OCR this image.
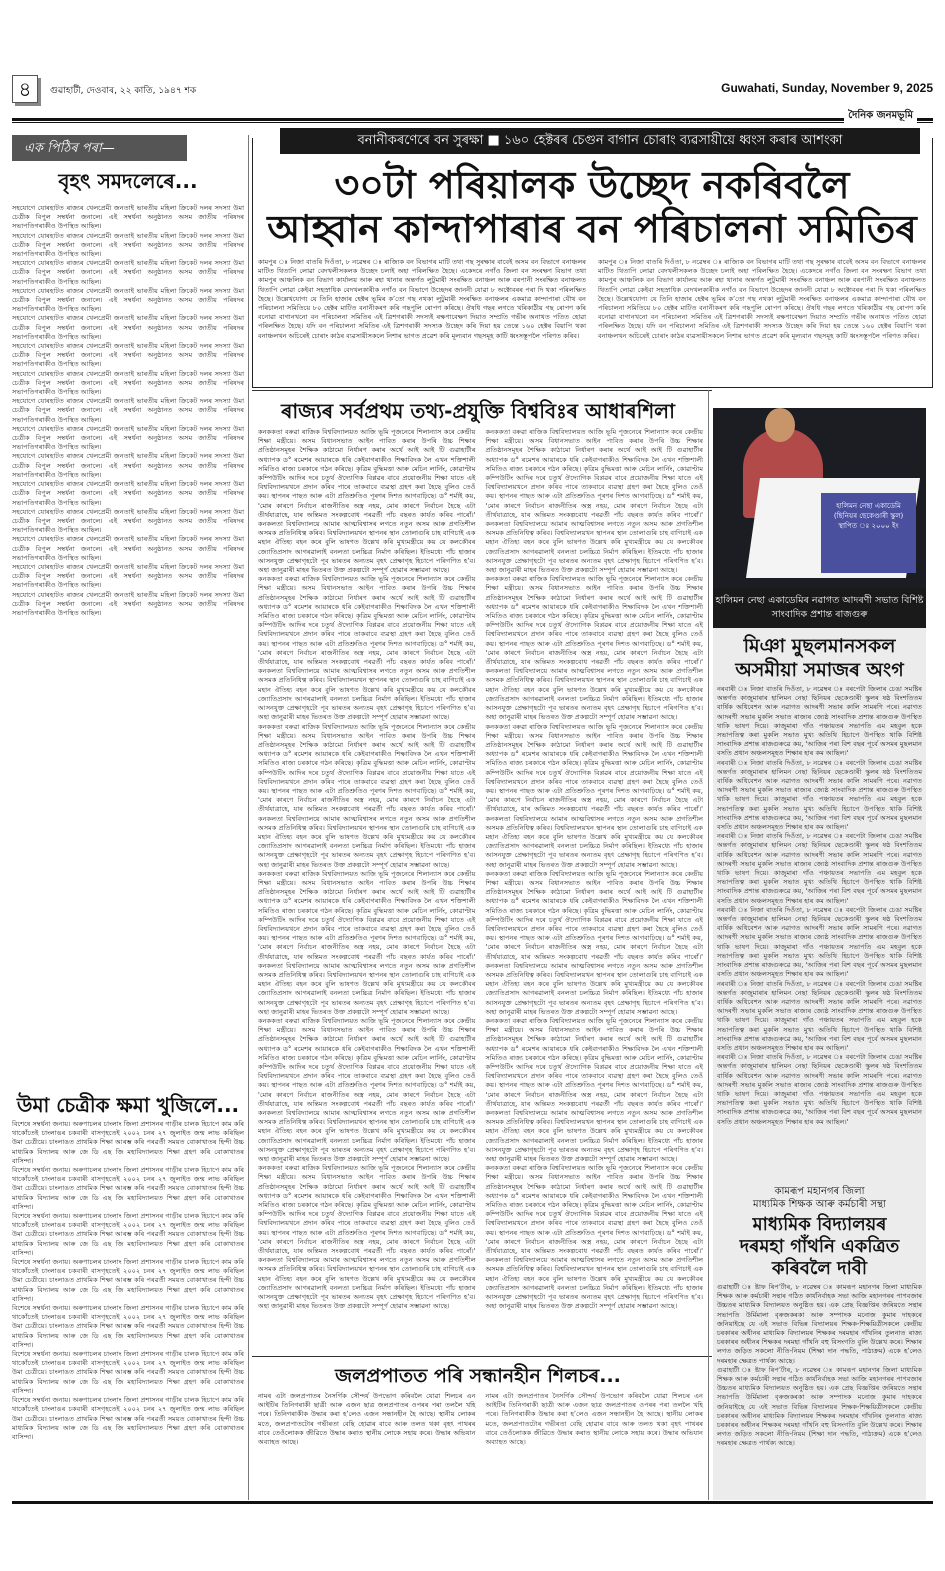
৪	গুৱাহাটী, দেওবাৰ, ২২ কাতি, ১৯৪৭ শক	Guwahati, Sunday, November 9, 2025
দৈনিক জনমভূমি
এক পিঠিৰ পৰা—
বৃহৎ সমদলেৰে...

সহযোগে যোৰহাটত ৰাজ্যৰ খেলপ্ৰেমী জনতাই ভাৰতীয় মহিলা ক্ৰিকেট দলৰ সদস্যা উমা চেত্ৰীক বিপুল সম্বৰ্ধনা জনালে। এই সম্বৰ্ধনা অনুষ্ঠানত অসম জাতীয় পৰিষদৰ সভাপতিগৰাকীও উপস্থিত আছিল।

সহযোগে যোৰহাটত ৰাজ্যৰ খেলপ্ৰেমী জনতাই ভাৰতীয় মহিলা ক্ৰিকেট দলৰ সদস্যা উমা চেত্ৰীক বিপুল সম্বৰ্ধনা জনালে। এই সম্বৰ্ধনা অনুষ্ঠানত অসম জাতীয় পৰিষদৰ সভাপতিগৰাকীও উপস্থিত আছিল।

সহযোগে যোৰহাটত ৰাজ্যৰ খেলপ্ৰেমী জনতাই ভাৰতীয় মহিলা ক্ৰিকেট দলৰ সদস্যা উমা চেত্ৰীক বিপুল সম্বৰ্ধনা জনালে। এই সম্বৰ্ধনা অনুষ্ঠানত অসম জাতীয় পৰিষদৰ সভাপতিগৰাকীও উপস্থিত আছিল।

সহযোগে যোৰহাটত ৰাজ্যৰ খেলপ্ৰেমী জনতাই ভাৰতীয় মহিলা ক্ৰিকেট দলৰ সদস্যা উমা চেত্ৰীক বিপুল সম্বৰ্ধনা জনালে। এই সম্বৰ্ধনা অনুষ্ঠানত অসম জাতীয় পৰিষদৰ সভাপতিগৰাকীও উপস্থিত আছিল।

সহযোগে যোৰহাটত ৰাজ্যৰ খেলপ্ৰেমী জনতাই ভাৰতীয় মহিলা ক্ৰিকেট দলৰ সদস্যা উমা চেত্ৰীক বিপুল সম্বৰ্ধনা জনালে। এই সম্বৰ্ধনা অনুষ্ঠানত অসম জাতীয় পৰিষদৰ সভাপতিগৰাকীও উপস্থিত আছিল।

সহযোগে যোৰহাটত ৰাজ্যৰ খেলপ্ৰেমী জনতাই ভাৰতীয় মহিলা ক্ৰিকেট দলৰ সদস্যা উমা চেত্ৰীক বিপুল সম্বৰ্ধনা জনালে। এই সম্বৰ্ধনা অনুষ্ঠানত অসম জাতীয় পৰিষদৰ সভাপতিগৰাকীও উপস্থিত আছিল।

সহযোগে যোৰহাটত ৰাজ্যৰ খেলপ্ৰেমী জনতাই ভাৰতীয় মহিলা ক্ৰিকেট দলৰ সদস্যা উমা চেত্ৰীক বিপুল সম্বৰ্ধনা জনালে। এই সম্বৰ্ধনা অনুষ্ঠানত অসম জাতীয় পৰিষদৰ সভাপতিগৰাকীও উপস্থিত আছিল।

সহযোগে যোৰহাটত ৰাজ্যৰ খেলপ্ৰেমী জনতাই ভাৰতীয় মহিলা ক্ৰিকেট দলৰ সদস্যা উমা চেত্ৰীক বিপুল সম্বৰ্ধনা জনালে। এই সম্বৰ্ধনা অনুষ্ঠানত অসম জাতীয় পৰিষদৰ সভাপতিগৰাকীও উপস্থিত আছিল।

সহযোগে যোৰহাটত ৰাজ্যৰ খেলপ্ৰেমী জনতাই ভাৰতীয় মহিলা ক্ৰিকেট দলৰ সদস্যা উমা চেত্ৰীক বিপুল সম্বৰ্ধনা জনালে। এই সম্বৰ্ধনা অনুষ্ঠানত অসম জাতীয় পৰিষদৰ সভাপতিগৰাকীও উপস্থিত আছিল।

সহযোগে যোৰহাটত ৰাজ্যৰ খেলপ্ৰেমী জনতাই ভাৰতীয় মহিলা ক্ৰিকেট দলৰ সদস্যা উমা চেত্ৰীক বিপুল সম্বৰ্ধনা জনালে। এই সম্বৰ্ধনা অনুষ্ঠানত অসম জাতীয় পৰিষদৰ সভাপতিগৰাকীও উপস্থিত আছিল।

সহযোগে যোৰহাটত ৰাজ্যৰ খেলপ্ৰেমী জনতাই ভাৰতীয় মহিলা ক্ৰিকেট দলৰ সদস্যা উমা চেত্ৰীক বিপুল সম্বৰ্ধনা জনালে। এই সম্বৰ্ধনা অনুষ্ঠানত অসম জাতীয় পৰিষদৰ সভাপতিগৰাকীও উপস্থিত আছিল।

সহযোগে যোৰহাটত ৰাজ্যৰ খেলপ্ৰেমী জনতাই ভাৰতীয় মহিলা ক্ৰিকেট দলৰ সদস্যা উমা চেত্ৰীক বিপুল সম্বৰ্ধনা জনালে। এই সম্বৰ্ধনা অনুষ্ঠানত অসম জাতীয় পৰিষদৰ সভাপতিগৰাকীও উপস্থিত আছিল।

সহযোগে যোৰহাটত ৰাজ্যৰ খেলপ্ৰেমী জনতাই ভাৰতীয় মহিলা ক্ৰিকেট দলৰ সদস্যা উমা চেত্ৰীক বিপুল সম্বৰ্ধনা জনালে। এই সম্বৰ্ধনা অনুষ্ঠানত অসম জাতীয় পৰিষদৰ সভাপতিগৰাকীও উপস্থিত আছিল।

সহযোগে যোৰহাটত ৰাজ্যৰ খেলপ্ৰেমী জনতাই ভাৰতীয় মহিলা ক্ৰিকেট দলৰ সদস্যা উমা চেত্ৰীক বিপুল সম্বৰ্ধনা জনালে। এই সম্বৰ্ধনা অনুষ্ঠানত অসম জাতীয় পৰিষদৰ সভাপতিগৰাকীও উপস্থিত আছিল।

সহযোগে যোৰহাটত ৰাজ্যৰ খেলপ্ৰেমী জনতাই ভাৰতীয় মহিলা ক্ৰিকেট দলৰ সদস্যা উমা চেত্ৰীক বিপুল সম্বৰ্ধনা জনালে। এই সম্বৰ্ধনা অনুষ্ঠানত অসম জাতীয় পৰিষদৰ সভাপতিগৰাকীও উপস্থিত আছিল।

উমা চেত্ৰীক ক্ষমা খুজিলে...

বিশেষে সম্বৰ্ধনা জনায়। অৰুণাচলৰ চাংলাং জিলা প্ৰশাসনৰ গাড়ীৰ চালক হিচাপে কাম কৰি থাকোঁতেই চাংলাঙৰ চকবাৰী বাসগৃহতেই ২০০২ চনৰ ২৭ জুলাইত জন্ম লাভ কৰিছিল উমা চেত্ৰীয়ে। চাংলাঙত প্ৰাথমিক শিক্ষা আৰম্ভ কৰি পৰৱৰ্তী সময়ত বোকাখাতৰ হিন্দী উচ্চ মাধ্যমিক বিদ্যালয় আৰু জে ডি এছ জি মহাবিদ্যালয়ত শিক্ষা গ্ৰহণ কৰি বোকাখাতৰ বাসিন্দা।

বিশেষে সম্বৰ্ধনা জনায়। অৰুণাচলৰ চাংলাং জিলা প্ৰশাসনৰ গাড়ীৰ চালক হিচাপে কাম কৰি থাকোঁতেই চাংলাঙৰ চকবাৰী বাসগৃহতেই ২০০২ চনৰ ২৭ জুলাইত জন্ম লাভ কৰিছিল উমা চেত্ৰীয়ে। চাংলাঙত প্ৰাথমিক শিক্ষা আৰম্ভ কৰি পৰৱৰ্তী সময়ত বোকাখাতৰ হিন্দী উচ্চ মাধ্যমিক বিদ্যালয় আৰু জে ডি এছ জি মহাবিদ্যালয়ত শিক্ষা গ্ৰহণ কৰি বোকাখাতৰ বাসিন্দা।

বিশেষে সম্বৰ্ধনা জনায়। অৰুণাচলৰ চাংলাং জিলা প্ৰশাসনৰ গাড়ীৰ চালক হিচাপে কাম কৰি থাকোঁতেই চাংলাঙৰ চকবাৰী বাসগৃহতেই ২০০২ চনৰ ২৭ জুলাইত জন্ম লাভ কৰিছিল উমা চেত্ৰীয়ে। চাংলাঙত প্ৰাথমিক শিক্ষা আৰম্ভ কৰি পৰৱৰ্তী সময়ত বোকাখাতৰ হিন্দী উচ্চ মাধ্যমিক বিদ্যালয় আৰু জে ডি এছ জি মহাবিদ্যালয়ত শিক্ষা গ্ৰহণ কৰি বোকাখাতৰ বাসিন্দা।

বিশেষে সম্বৰ্ধনা জনায়। অৰুণাচলৰ চাংলাং জিলা প্ৰশাসনৰ গাড়ীৰ চালক হিচাপে কাম কৰি থাকোঁতেই চাংলাঙৰ চকবাৰী বাসগৃহতেই ২০০২ চনৰ ২৭ জুলাইত জন্ম লাভ কৰিছিল উমা চেত্ৰীয়ে। চাংলাঙত প্ৰাথমিক শিক্ষা আৰম্ভ কৰি পৰৱৰ্তী সময়ত বোকাখাতৰ হিন্দী উচ্চ মাধ্যমিক বিদ্যালয় আৰু জে ডি এছ জি মহাবিদ্যালয়ত শিক্ষা গ্ৰহণ কৰি বোকাখাতৰ বাসিন্দা।

বিশেষে সম্বৰ্ধনা জনায়। অৰুণাচলৰ চাংলাং জিলা প্ৰশাসনৰ গাড়ীৰ চালক হিচাপে কাম কৰি থাকোঁতেই চাংলাঙৰ চকবাৰী বাসগৃহতেই ২০০২ চনৰ ২৭ জুলাইত জন্ম লাভ কৰিছিল উমা চেত্ৰীয়ে। চাংলাঙত প্ৰাথমিক শিক্ষা আৰম্ভ কৰি পৰৱৰ্তী সময়ত বোকাখাতৰ হিন্দী উচ্চ মাধ্যমিক বিদ্যালয় আৰু জে ডি এছ জি মহাবিদ্যালয়ত শিক্ষা গ্ৰহণ কৰি বোকাখাতৰ বাসিন্দা।

বিশেষে সম্বৰ্ধনা জনায়। অৰুণাচলৰ চাংলাং জিলা প্ৰশাসনৰ গাড়ীৰ চালক হিচাপে কাম কৰি থাকোঁতেই চাংলাঙৰ চকবাৰী বাসগৃহতেই ২০০২ চনৰ ২৭ জুলাইত জন্ম লাভ কৰিছিল উমা চেত্ৰীয়ে। চাংলাঙত প্ৰাথমিক শিক্ষা আৰম্ভ কৰি পৰৱৰ্তী সময়ত বোকাখাতৰ হিন্দী উচ্চ মাধ্যমিক বিদ্যালয় আৰু জে ডি এছ জি মহাবিদ্যালয়ত শিক্ষা গ্ৰহণ কৰি বোকাখাতৰ বাসিন্দা।

বিশেষে সম্বৰ্ধনা জনায়। অৰুণাচলৰ চাংলাং জিলা প্ৰশাসনৰ গাড়ীৰ চালক হিচাপে কাম কৰি থাকোঁতেই চাংলাঙৰ চকবাৰী বাসগৃহতেই ২০০২ চনৰ ২৭ জুলাইত জন্ম লাভ কৰিছিল উমা চেত্ৰীয়ে। চাংলাঙত প্ৰাথমিক শিক্ষা আৰম্ভ কৰি পৰৱৰ্তী সময়ত বোকাখাতৰ হিন্দী উচ্চ মাধ্যমিক বিদ্যালয় আৰু জে ডি এছ জি মহাবিদ্যালয়ত শিক্ষা গ্ৰহণ কৰি বোকাখাতৰ বাসিন্দা।

বনানীকৰণেৰে বন সুৰক্ষা ■ ১৬০ হেক্টৰৰ চেগুন বাগান চোৰাং ব্যৱসায়ীয়ে ধ্বংস কৰাৰ আশংকা
৩০টা পৰিয়ালক উচ্ছেদ নকৰিবলৈ
আহ্বান কান্দাপাৰাৰ বন পৰিচালনা সমিতিৰ

কামপুৰ ঃ নিজা বাতৰি দিওঁতা, ৮ নৱেম্বৰ ঃ ৰাজ্যিক বন বিভাগৰ মাটি তথা গছ সুৰক্ষাৰ বাবেই অসম বন বিভাগে বনাঞ্চলৰ মাটিত থিতাপি লোৱা বেদখলীসকলক উচ্ছেদ চলাই অহা পৰিলক্ষিত হৈছে। একেদৰে নগাঁও জিলা বন সংৰক্ষণ বিভাগ তথা কামপুৰ আঞ্চলিক বন বিভাগ কাৰ্যালয় আৰু ৰহা থানাৰ অন্তৰ্গত লুটুমাৰী সংৰক্ষিত বনাঞ্চল আৰু বৰপানী সংৰক্ষিত বনাঞ্চলত থিতাপি লোৱা কেইবা সহস্ৰাধিক বেদখলকাৰীক নগাঁও বন বিভাগে উচ্ছেদৰ জাননী যোৱা ৮ অক্টোবৰৰ পৰা দি থকা পৰিলক্ষিত হৈছে। উল্লেখযোগ্য যে তিনি হাজাৰ হেক্টৰ ভূমিৰ কʼতো গছ নথকা লুটুমাৰী সংৰক্ষিত বনাঞ্চলৰ একমাত্ৰ কান্দাপাৰা যৌথ বন পৰিচালনা সমিতিয়ে ৮০ হেক্টৰ মাটিত বনানীকৰণ কৰি গছপুলি ৰোপণ কৰিছে। ঔষধি গছৰ লগতে খৰিকাঠীয় গছ ৰোপণ কৰি বনোৱা বাগানখনো বন পৰিচালনা সমিতিৰ এই ত্ৰিশগৰাকী সদস্যই ৰক্ষণাবেক্ষণ দিয়াত সম্প্ৰতি গভীৰ অনাথত পতিত হোৱা পৰিলক্ষিত হৈছে। যদি বন পৰিচালনা সমিতিৰ এই ত্ৰিশগৰাকী সদস্যক উচ্ছেদ কৰি দিয়া হয় তেন্তে ১৬০ হেক্টৰ বিয়াপি থকা বনাঞ্চলখন অচিৰেই চোৰাং কাঠৰ ব্যৱসায়ীসকলে নিশাৰ ভাগত প্ৰৱেশ কৰি মূল্যবান গছসমূহ কাটি ধ্বংসস্তূপলৈ পৰিণত কৰিব।

কামপুৰ ঃ নিজা বাতৰি দিওঁতা, ৮ নৱেম্বৰ ঃ ৰাজ্যিক বন বিভাগৰ মাটি তথা গছ সুৰক্ষাৰ বাবেই অসম বন বিভাগে বনাঞ্চলৰ মাটিত থিতাপি লোৱা বেদখলীসকলক উচ্ছেদ চলাই অহা পৰিলক্ষিত হৈছে। একেদৰে নগাঁও জিলা বন সংৰক্ষণ বিভাগ তথা কামপুৰ আঞ্চলিক বন বিভাগ কাৰ্যালয় আৰু ৰহা থানাৰ অন্তৰ্গত লুটুমাৰী সংৰক্ষিত বনাঞ্চল আৰু বৰপানী সংৰক্ষিত বনাঞ্চলত থিতাপি লোৱা কেইবা সহস্ৰাধিক বেদখলকাৰীক নগাঁও বন বিভাগে উচ্ছেদৰ জাননী যোৱা ৮ অক্টোবৰৰ পৰা দি থকা পৰিলক্ষিত হৈছে। উল্লেখযোগ্য যে তিনি হাজাৰ হেক্টৰ ভূমিৰ কʼতো গছ নথকা লুটুমাৰী সংৰক্ষিত বনাঞ্চলৰ একমাত্ৰ কান্দাপাৰা যৌথ বন পৰিচালনা সমিতিয়ে ৮০ হেক্টৰ মাটিত বনানীকৰণ কৰি গছপুলি ৰোপণ কৰিছে। ঔষধি গছৰ লগতে খৰিকাঠীয় গছ ৰোপণ কৰি বনোৱা বাগানখনো বন পৰিচালনা সমিতিৰ এই ত্ৰিশগৰাকী সদস্যই ৰক্ষণাবেক্ষণ দিয়াত সম্প্ৰতি গভীৰ অনাথত পতিত হোৱা পৰিলক্ষিত হৈছে। যদি বন পৰিচালনা সমিতিৰ এই ত্ৰিশগৰাকী সদস্যক উচ্ছেদ কৰি দিয়া হয় তেন্তে ১৬০ হেক্টৰ বিয়াপি থকা বনাঞ্চলখন অচিৰেই চোৰাং কাঠৰ ব্যৱসায়ীসকলে নিশাৰ ভাগত প্ৰৱেশ কৰি মূল্যবান গছসমূহ কাটি ধ্বংসস্তূপলৈ পৰিণত কৰিব।

ৰাজ্যৰ সৰ্বপ্ৰথম তথ্য-প্ৰযুক্তি বিশ্ববিঃৰ আধাৰশিলা

কনককতা বৰুৱা ৰাজিক বিশ্ববিদ্যালয়ত আজি ভূমি পূজনেৰে শিলান্যাস কৰে কেন্দ্ৰীয় শিক্ষা মন্ত্ৰীয়ে। অসম বিধানসভাত আইন পাবিত কৰাৰ উপৰি উচ্চ শিক্ষাৰ প্ৰতিষ্ঠানসমূহৰ শৈক্ষিক কাঠামো নিৰ্ধাৰণ কৰাৰ অৰ্থে আই আই টি গুৱাহাটীৰ অধ্যাপক ড° ৰমেশৰ আয়াৰকে ধৰি কেইবাগৰাকীও শিক্ষাবিদক লৈ এখন শক্তিশালী সমিতিও ৰাজ্য চৰকাৰে গঠন কৰিছে। কৃত্ৰিম বুদ্ধিমত্তা আৰু মেচিন লাৰ্নিং, কোৱাণ্টাম কম্পিউটিং আদিৰ দৰে চতুৰ্থ ঔদ্যোগিক বিপ্লৱৰ বাবে প্ৰয়োজনীয় শিক্ষা যাতে এই বিশ্ববিদ্যালয়খনে প্ৰদান কৰিব পাৰে তাকবাবে ব্যৱস্থা গ্ৰহণ কৰা হৈছে বুলিও তেওঁ কয়। স্থাপনৰ পাছত আৰু এটা প্ৰতিশ্ৰুতিও পূৰণৰ দিশত আগবাঢ়িছে। ড° শৰ্মাই কয়, 'মোৰ কাৰণে নিৰ্বাচন ৰাজনীতিৰ অস্ত্ৰ নহয়, মোৰ কাৰণে নিৰ্বাচন হৈছে এটা তীৰ্থযাত্ৰাহে, যাৰ অন্তিমত সংকল্পবোধ পৰৱৰ্তী পাঁচ বছৰত কাৰ্যত কৰিব পাৰোঁ।' কনকলতা বিশ্ববিদ্যালয়ে আমাৰ আত্মবিশ্বাসৰ লগতে নতুন অসম আৰু প্ৰগতিশীল অসমক প্ৰতিনিধিত্ব কৰিব। বিশ্ববিদ্যালয়খন স্থাপনৰ স্থান তোলাগুৰি চাহ বাগিচাই এক মহান ঐতিহ্য বহন কৰে বুলি ভাষণত উল্লেখ কৰি মুখ্যমন্ত্ৰীয়ে কয় যে কলকৌবৰ জ্যোতিপ্ৰসাদ আগৰৱালাই বনলতা চলচ্চিত্ৰ নিৰ্মাণ কৰিছিল। ইতিমধ্যে পাঁচ হাজাৰ আসনযুক্ত প্ৰেক্ষাগৃহটো পূব ভাৰতৰ অন্যতম বৃহৎ প্ৰেক্ষাগৃহ হিচাপে পৰিগণিত হʼব। অহা জানুৱাৰী মাহৰ ভিতৰত উক্ত প্ৰকল্পটো সম্পূৰ্ণ হোৱাৰ সম্ভাৱনা আছে।

কনককতা বৰুৱা ৰাজিক বিশ্ববিদ্যালয়ত আজি ভূমি পূজনেৰে শিলান্যাস কৰে কেন্দ্ৰীয় শিক্ষা মন্ত্ৰীয়ে। অসম বিধানসভাত আইন পাবিত কৰাৰ উপৰি উচ্চ শিক্ষাৰ প্ৰতিষ্ঠানসমূহৰ শৈক্ষিক কাঠামো নিৰ্ধাৰণ কৰাৰ অৰ্থে আই আই টি গুৱাহাটীৰ অধ্যাপক ড° ৰমেশৰ আয়াৰকে ধৰি কেইবাগৰাকীও শিক্ষাবিদক লৈ এখন শক্তিশালী সমিতিও ৰাজ্য চৰকাৰে গঠন কৰিছে। কৃত্ৰিম বুদ্ধিমত্তা আৰু মেচিন লাৰ্নিং, কোৱাণ্টাম কম্পিউটিং আদিৰ দৰে চতুৰ্থ ঔদ্যোগিক বিপ্লৱৰ বাবে প্ৰয়োজনীয় শিক্ষা যাতে এই বিশ্ববিদ্যালয়খনে প্ৰদান কৰিব পাৰে তাকবাবে ব্যৱস্থা গ্ৰহণ কৰা হৈছে বুলিও তেওঁ কয়। স্থাপনৰ পাছত আৰু এটা প্ৰতিশ্ৰুতিও পূৰণৰ দিশত আগবাঢ়িছে। ড° শৰ্মাই কয়, 'মোৰ কাৰণে নিৰ্বাচন ৰাজনীতিৰ অস্ত্ৰ নহয়, মোৰ কাৰণে নিৰ্বাচন হৈছে এটা তীৰ্থযাত্ৰাহে, যাৰ অন্তিমত সংকল্পবোধ পৰৱৰ্তী পাঁচ বছৰত কাৰ্যত কৰিব পাৰোঁ।' কনকলতা বিশ্ববিদ্যালয়ে আমাৰ আত্মবিশ্বাসৰ লগতে নতুন অসম আৰু প্ৰগতিশীল অসমক প্ৰতিনিধিত্ব কৰিব। বিশ্ববিদ্যালয়খন স্থাপনৰ স্থান তোলাগুৰি চাহ বাগিচাই এক মহান ঐতিহ্য বহন কৰে বুলি ভাষণত উল্লেখ কৰি মুখ্যমন্ত্ৰীয়ে কয় যে কলকৌবৰ জ্যোতিপ্ৰসাদ আগৰৱালাই বনলতা চলচ্চিত্ৰ নিৰ্মাণ কৰিছিল। ইতিমধ্যে পাঁচ হাজাৰ আসনযুক্ত প্ৰেক্ষাগৃহটো পূব ভাৰতৰ অন্যতম বৃহৎ প্ৰেক্ষাগৃহ হিচাপে পৰিগণিত হʼব। অহা জানুৱাৰী মাহৰ ভিতৰত উক্ত প্ৰকল্পটো সম্পূৰ্ণ হোৱাৰ সম্ভাৱনা আছে।

কনককতা বৰুৱা ৰাজিক বিশ্ববিদ্যালয়ত আজি ভূমি পূজনেৰে শিলান্যাস কৰে কেন্দ্ৰীয় শিক্ষা মন্ত্ৰীয়ে। অসম বিধানসভাত আইন পাবিত কৰাৰ উপৰি উচ্চ শিক্ষাৰ প্ৰতিষ্ঠানসমূহৰ শৈক্ষিক কাঠামো নিৰ্ধাৰণ কৰাৰ অৰ্থে আই আই টি গুৱাহাটীৰ অধ্যাপক ড° ৰমেশৰ আয়াৰকে ধৰি কেইবাগৰাকীও শিক্ষাবিদক লৈ এখন শক্তিশালী সমিতিও ৰাজ্য চৰকাৰে গঠন কৰিছে। কৃত্ৰিম বুদ্ধিমত্তা আৰু মেচিন লাৰ্নিং, কোৱাণ্টাম কম্পিউটিং আদিৰ দৰে চতুৰ্থ ঔদ্যোগিক বিপ্লৱৰ বাবে প্ৰয়োজনীয় শিক্ষা যাতে এই বিশ্ববিদ্যালয়খনে প্ৰদান কৰিব পাৰে তাকবাবে ব্যৱস্থা গ্ৰহণ কৰা হৈছে বুলিও তেওঁ কয়। স্থাপনৰ পাছত আৰু এটা প্ৰতিশ্ৰুতিও পূৰণৰ দিশত আগবাঢ়িছে। ড° শৰ্মাই কয়, 'মোৰ কাৰণে নিৰ্বাচন ৰাজনীতিৰ অস্ত্ৰ নহয়, মোৰ কাৰণে নিৰ্বাচন হৈছে এটা তীৰ্থযাত্ৰাহে, যাৰ অন্তিমত সংকল্পবোধ পৰৱৰ্তী পাঁচ বছৰত কাৰ্যত কৰিব পাৰোঁ।' কনকলতা বিশ্ববিদ্যালয়ে আমাৰ আত্মবিশ্বাসৰ লগতে নতুন অসম আৰু প্ৰগতিশীল অসমক প্ৰতিনিধিত্ব কৰিব। বিশ্ববিদ্যালয়খন স্থাপনৰ স্থান তোলাগুৰি চাহ বাগিচাই এক মহান ঐতিহ্য বহন কৰে বুলি ভাষণত উল্লেখ কৰি মুখ্যমন্ত্ৰীয়ে কয় যে কলকৌবৰ জ্যোতিপ্ৰসাদ আগৰৱালাই বনলতা চলচ্চিত্ৰ নিৰ্মাণ কৰিছিল। ইতিমধ্যে পাঁচ হাজাৰ আসনযুক্ত প্ৰেক্ষাগৃহটো পূব ভাৰতৰ অন্যতম বৃহৎ প্ৰেক্ষাগৃহ হিচাপে পৰিগণিত হʼব। অহা জানুৱাৰী মাহৰ ভিতৰত উক্ত প্ৰকল্পটো সম্পূৰ্ণ হোৱাৰ সম্ভাৱনা আছে।

কনককতা বৰুৱা ৰাজিক বিশ্ববিদ্যালয়ত আজি ভূমি পূজনেৰে শিলান্যাস কৰে কেন্দ্ৰীয় শিক্ষা মন্ত্ৰীয়ে। অসম বিধানসভাত আইন পাবিত কৰাৰ উপৰি উচ্চ শিক্ষাৰ প্ৰতিষ্ঠানসমূহৰ শৈক্ষিক কাঠামো নিৰ্ধাৰণ কৰাৰ অৰ্থে আই আই টি গুৱাহাটীৰ অধ্যাপক ড° ৰমেশৰ আয়াৰকে ধৰি কেইবাগৰাকীও শিক্ষাবিদক লৈ এখন শক্তিশালী সমিতিও ৰাজ্য চৰকাৰে গঠন কৰিছে। কৃত্ৰিম বুদ্ধিমত্তা আৰু মেচিন লাৰ্নিং, কোৱাণ্টাম কম্পিউটিং আদিৰ দৰে চতুৰ্থ ঔদ্যোগিক বিপ্লৱৰ বাবে প্ৰয়োজনীয় শিক্ষা যাতে এই বিশ্ববিদ্যালয়খনে প্ৰদান কৰিব পাৰে তাকবাবে ব্যৱস্থা গ্ৰহণ কৰা হৈছে বুলিও তেওঁ কয়। স্থাপনৰ পাছত আৰু এটা প্ৰতিশ্ৰুতিও পূৰণৰ দিশত আগবাঢ়িছে। ড° শৰ্মাই কয়, 'মোৰ কাৰণে নিৰ্বাচন ৰাজনীতিৰ অস্ত্ৰ নহয়, মোৰ কাৰণে নিৰ্বাচন হৈছে এটা তীৰ্থযাত্ৰাহে, যাৰ অন্তিমত সংকল্পবোধ পৰৱৰ্তী পাঁচ বছৰত কাৰ্যত কৰিব পাৰোঁ।' কনকলতা বিশ্ববিদ্যালয়ে আমাৰ আত্মবিশ্বাসৰ লগতে নতুন অসম আৰু প্ৰগতিশীল অসমক প্ৰতিনিধিত্ব কৰিব। বিশ্ববিদ্যালয়খন স্থাপনৰ স্থান তোলাগুৰি চাহ বাগিচাই এক মহান ঐতিহ্য বহন কৰে বুলি ভাষণত উল্লেখ কৰি মুখ্যমন্ত্ৰীয়ে কয় যে কলকৌবৰ জ্যোতিপ্ৰসাদ আগৰৱালাই বনলতা চলচ্চিত্ৰ নিৰ্মাণ কৰিছিল। ইতিমধ্যে পাঁচ হাজাৰ আসনযুক্ত প্ৰেক্ষাগৃহটো পূব ভাৰতৰ অন্যতম বৃহৎ প্ৰেক্ষাগৃহ হিচাপে পৰিগণিত হʼব। অহা জানুৱাৰী মাহৰ ভিতৰত উক্ত প্ৰকল্পটো সম্পূৰ্ণ হোৱাৰ সম্ভাৱনা আছে।

কনককতা বৰুৱা ৰাজিক বিশ্ববিদ্যালয়ত আজি ভূমি পূজনেৰে শিলান্যাস কৰে কেন্দ্ৰীয় শিক্ষা মন্ত্ৰীয়ে। অসম বিধানসভাত আইন পাবিত কৰাৰ উপৰি উচ্চ শিক্ষাৰ প্ৰতিষ্ঠানসমূহৰ শৈক্ষিক কাঠামো নিৰ্ধাৰণ কৰাৰ অৰ্থে আই আই টি গুৱাহাটীৰ অধ্যাপক ড° ৰমেশৰ আয়াৰকে ধৰি কেইবাগৰাকীও শিক্ষাবিদক লৈ এখন শক্তিশালী সমিতিও ৰাজ্য চৰকাৰে গঠন কৰিছে। কৃত্ৰিম বুদ্ধিমত্তা আৰু মেচিন লাৰ্নিং, কোৱাণ্টাম কম্পিউটিং আদিৰ দৰে চতুৰ্থ ঔদ্যোগিক বিপ্লৱৰ বাবে প্ৰয়োজনীয় শিক্ষা যাতে এই বিশ্ববিদ্যালয়খনে প্ৰদান কৰিব পাৰে তাকবাবে ব্যৱস্থা গ্ৰহণ কৰা হৈছে বুলিও তেওঁ কয়। স্থাপনৰ পাছত আৰু এটা প্ৰতিশ্ৰুতিও পূৰণৰ দিশত আগবাঢ়িছে। ড° শৰ্মাই কয়, 'মোৰ কাৰণে নিৰ্বাচন ৰাজনীতিৰ অস্ত্ৰ নহয়, মোৰ কাৰণে নিৰ্বাচন হৈছে এটা তীৰ্থযাত্ৰাহে, যাৰ অন্তিমত সংকল্পবোধ পৰৱৰ্তী পাঁচ বছৰত কাৰ্যত কৰিব পাৰোঁ।' কনকলতা বিশ্ববিদ্যালয়ে আমাৰ আত্মবিশ্বাসৰ লগতে নতুন অসম আৰু প্ৰগতিশীল অসমক প্ৰতিনিধিত্ব কৰিব। বিশ্ববিদ্যালয়খন স্থাপনৰ স্থান তোলাগুৰি চাহ বাগিচাই এক মহান ঐতিহ্য বহন কৰে বুলি ভাষণত উল্লেখ কৰি মুখ্যমন্ত্ৰীয়ে কয় যে কলকৌবৰ জ্যোতিপ্ৰসাদ আগৰৱালাই বনলতা চলচ্চিত্ৰ নিৰ্মাণ কৰিছিল। ইতিমধ্যে পাঁচ হাজাৰ আসনযুক্ত প্ৰেক্ষাগৃহটো পূব ভাৰতৰ অন্যতম বৃহৎ প্ৰেক্ষাগৃহ হিচাপে পৰিগণিত হʼব। অহা জানুৱাৰী মাহৰ ভিতৰত উক্ত প্ৰকল্পটো সম্পূৰ্ণ হোৱাৰ সম্ভাৱনা আছে।

কনককতা বৰুৱা ৰাজিক বিশ্ববিদ্যালয়ত আজি ভূমি পূজনেৰে শিলান্যাস কৰে কেন্দ্ৰীয় শিক্ষা মন্ত্ৰীয়ে। অসম বিধানসভাত আইন পাবিত কৰাৰ উপৰি উচ্চ শিক্ষাৰ প্ৰতিষ্ঠানসমূহৰ শৈক্ষিক কাঠামো নিৰ্ধাৰণ কৰাৰ অৰ্থে আই আই টি গুৱাহাটীৰ অধ্যাপক ড° ৰমেশৰ আয়াৰকে ধৰি কেইবাগৰাকীও শিক্ষাবিদক লৈ এখন শক্তিশালী সমিতিও ৰাজ্য চৰকাৰে গঠন কৰিছে। কৃত্ৰিম বুদ্ধিমত্তা আৰু মেচিন লাৰ্নিং, কোৱাণ্টাম কম্পিউটিং আদিৰ দৰে চতুৰ্থ ঔদ্যোগিক বিপ্লৱৰ বাবে প্ৰয়োজনীয় শিক্ষা যাতে এই বিশ্ববিদ্যালয়খনে প্ৰদান কৰিব পাৰে তাকবাবে ব্যৱস্থা গ্ৰহণ কৰা হৈছে বুলিও তেওঁ কয়। স্থাপনৰ পাছত আৰু এটা প্ৰতিশ্ৰুতিও পূৰণৰ দিশত আগবাঢ়িছে। ড° শৰ্মাই কয়, 'মোৰ কাৰণে নিৰ্বাচন ৰাজনীতিৰ অস্ত্ৰ নহয়, মোৰ কাৰণে নিৰ্বাচন হৈছে এটা তীৰ্থযাত্ৰাহে, যাৰ অন্তিমত সংকল্পবোধ পৰৱৰ্তী পাঁচ বছৰত কাৰ্যত কৰিব পাৰোঁ।' কনকলতা বিশ্ববিদ্যালয়ে আমাৰ আত্মবিশ্বাসৰ লগতে নতুন অসম আৰু প্ৰগতিশীল অসমক প্ৰতিনিধিত্ব কৰিব। বিশ্ববিদ্যালয়খন স্থাপনৰ স্থান তোলাগুৰি চাহ বাগিচাই এক মহান ঐতিহ্য বহন কৰে বুলি ভাষণত উল্লেখ কৰি মুখ্যমন্ত্ৰীয়ে কয় যে কলকৌবৰ জ্যোতিপ্ৰসাদ আগৰৱালাই বনলতা চলচ্চিত্ৰ নিৰ্মাণ কৰিছিল। ইতিমধ্যে পাঁচ হাজাৰ আসনযুক্ত প্ৰেক্ষাগৃহটো পূব ভাৰতৰ অন্যতম বৃহৎ প্ৰেক্ষাগৃহ হিচাপে পৰিগণিত হʼব। অহা জানুৱাৰী মাহৰ ভিতৰত উক্ত প্ৰকল্পটো সম্পূৰ্ণ হোৱাৰ সম্ভাৱনা আছে।

কনককতা বৰুৱা ৰাজিক বিশ্ববিদ্যালয়ত আজি ভূমি পূজনেৰে শিলান্যাস কৰে কেন্দ্ৰীয় শিক্ষা মন্ত্ৰীয়ে। অসম বিধানসভাত আইন পাবিত কৰাৰ উপৰি উচ্চ শিক্ষাৰ প্ৰতিষ্ঠানসমূহৰ শৈক্ষিক কাঠামো নিৰ্ধাৰণ কৰাৰ অৰ্থে আই আই টি গুৱাহাটীৰ অধ্যাপক ড° ৰমেশৰ আয়াৰকে ধৰি কেইবাগৰাকীও শিক্ষাবিদক লৈ এখন শক্তিশালী সমিতিও ৰাজ্য চৰকাৰে গঠন কৰিছে। কৃত্ৰিম বুদ্ধিমত্তা আৰু মেচিন লাৰ্নিং, কোৱাণ্টাম কম্পিউটিং আদিৰ দৰে চতুৰ্থ ঔদ্যোগিক বিপ্লৱৰ বাবে প্ৰয়োজনীয় শিক্ষা যাতে এই বিশ্ববিদ্যালয়খনে প্ৰদান কৰিব পাৰে তাকবাবে ব্যৱস্থা গ্ৰহণ কৰা হৈছে বুলিও তেওঁ কয়। স্থাপনৰ পাছত আৰু এটা প্ৰতিশ্ৰুতিও পূৰণৰ দিশত আগবাঢ়িছে। ড° শৰ্মাই কয়, 'মোৰ কাৰণে নিৰ্বাচন ৰাজনীতিৰ অস্ত্ৰ নহয়, মোৰ কাৰণে নিৰ্বাচন হৈছে এটা তীৰ্থযাত্ৰাহে, যাৰ অন্তিমত সংকল্পবোধ পৰৱৰ্তী পাঁচ বছৰত কাৰ্যত কৰিব পাৰোঁ।' কনকলতা বিশ্ববিদ্যালয়ে আমাৰ আত্মবিশ্বাসৰ লগতে নতুন অসম আৰু প্ৰগতিশীল অসমক প্ৰতিনিধিত্ব কৰিব। বিশ্ববিদ্যালয়খন স্থাপনৰ স্থান তোলাগুৰি চাহ বাগিচাই এক মহান ঐতিহ্য বহন কৰে বুলি ভাষণত উল্লেখ কৰি মুখ্যমন্ত্ৰীয়ে কয় যে কলকৌবৰ জ্যোতিপ্ৰসাদ আগৰৱালাই বনলতা চলচ্চিত্ৰ নিৰ্মাণ কৰিছিল। ইতিমধ্যে পাঁচ হাজাৰ আসনযুক্ত প্ৰেক্ষাগৃহটো পূব ভাৰতৰ অন্যতম বৃহৎ প্ৰেক্ষাগৃহ হিচাপে পৰিগণিত হʼব। অহা জানুৱাৰী মাহৰ ভিতৰত উক্ত প্ৰকল্পটো সম্পূৰ্ণ হোৱাৰ সম্ভাৱনা আছে।

কনককতা বৰুৱা ৰাজিক বিশ্ববিদ্যালয়ত আজি ভূমি পূজনেৰে শিলান্যাস কৰে কেন্দ্ৰীয় শিক্ষা মন্ত্ৰীয়ে। অসম বিধানসভাত আইন পাবিত কৰাৰ উপৰি উচ্চ শিক্ষাৰ প্ৰতিষ্ঠানসমূহৰ শৈক্ষিক কাঠামো নিৰ্ধাৰণ কৰাৰ অৰ্থে আই আই টি গুৱাহাটীৰ অধ্যাপক ড° ৰমেশৰ আয়াৰকে ধৰি কেইবাগৰাকীও শিক্ষাবিদক লৈ এখন শক্তিশালী সমিতিও ৰাজ্য চৰকাৰে গঠন কৰিছে। কৃত্ৰিম বুদ্ধিমত্তা আৰু মেচিন লাৰ্নিং, কোৱাণ্টাম কম্পিউটিং আদিৰ দৰে চতুৰ্থ ঔদ্যোগিক বিপ্লৱৰ বাবে প্ৰয়োজনীয় শিক্ষা যাতে এই বিশ্ববিদ্যালয়খনে প্ৰদান কৰিব পাৰে তাকবাবে ব্যৱস্থা গ্ৰহণ কৰা হৈছে বুলিও তেওঁ কয়। স্থাপনৰ পাছত আৰু এটা প্ৰতিশ্ৰুতিও পূৰণৰ দিশত আগবাঢ়িছে। ড° শৰ্মাই কয়, 'মোৰ কাৰণে নিৰ্বাচন ৰাজনীতিৰ অস্ত্ৰ নহয়, মোৰ কাৰণে নিৰ্বাচন হৈছে এটা তীৰ্থযাত্ৰাহে, যাৰ অন্তিমত সংকল্পবোধ পৰৱৰ্তী পাঁচ বছৰত কাৰ্যত কৰিব পাৰোঁ।' কনকলতা বিশ্ববিদ্যালয়ে আমাৰ আত্মবিশ্বাসৰ লগতে নতুন অসম আৰু প্ৰগতিশীল অসমক প্ৰতিনিধিত্ব কৰিব। বিশ্ববিদ্যালয়খন স্থাপনৰ স্থান তোলাগুৰি চাহ বাগিচাই এক মহান ঐতিহ্য বহন কৰে বুলি ভাষণত উল্লেখ কৰি মুখ্যমন্ত্ৰীয়ে কয় যে কলকৌবৰ জ্যোতিপ্ৰসাদ আগৰৱালাই বনলতা চলচ্চিত্ৰ নিৰ্মাণ কৰিছিল। ইতিমধ্যে পাঁচ হাজাৰ আসনযুক্ত প্ৰেক্ষাগৃহটো পূব ভাৰতৰ অন্যতম বৃহৎ প্ৰেক্ষাগৃহ হিচাপে পৰিগণিত হʼব। অহা জানুৱাৰী মাহৰ ভিতৰত উক্ত প্ৰকল্পটো সম্পূৰ্ণ হোৱাৰ সম্ভাৱনা আছে।

কনককতা বৰুৱা ৰাজিক বিশ্ববিদ্যালয়ত আজি ভূমি পূজনেৰে শিলান্যাস কৰে কেন্দ্ৰীয় শিক্ষা মন্ত্ৰীয়ে। অসম বিধানসভাত আইন পাবিত কৰাৰ উপৰি উচ্চ শিক্ষাৰ প্ৰতিষ্ঠানসমূহৰ শৈক্ষিক কাঠামো নিৰ্ধাৰণ কৰাৰ অৰ্থে আই আই টি গুৱাহাটীৰ অধ্যাপক ড° ৰমেশৰ আয়াৰকে ধৰি কেইবাগৰাকীও শিক্ষাবিদক লৈ এখন শক্তিশালী সমিতিও ৰাজ্য চৰকাৰে গঠন কৰিছে। কৃত্ৰিম বুদ্ধিমত্তা আৰু মেচিন লাৰ্নিং, কোৱাণ্টাম কম্পিউটিং আদিৰ দৰে চতুৰ্থ ঔদ্যোগিক বিপ্লৱৰ বাবে প্ৰয়োজনীয় শিক্ষা যাতে এই বিশ্ববিদ্যালয়খনে প্ৰদান কৰিব পাৰে তাকবাবে ব্যৱস্থা গ্ৰহণ কৰা হৈছে বুলিও তেওঁ কয়। স্থাপনৰ পাছত আৰু এটা প্ৰতিশ্ৰুতিও পূৰণৰ দিশত আগবাঢ়িছে। ড° শৰ্মাই কয়, 'মোৰ কাৰণে নিৰ্বাচন ৰাজনীতিৰ অস্ত্ৰ নহয়, মোৰ কাৰণে নিৰ্বাচন হৈছে এটা তীৰ্থযাত্ৰাহে, যাৰ অন্তিমত সংকল্পবোধ পৰৱৰ্তী পাঁচ বছৰত কাৰ্যত কৰিব পাৰোঁ।' কনকলতা বিশ্ববিদ্যালয়ে আমাৰ আত্মবিশ্বাসৰ লগতে নতুন অসম আৰু প্ৰগতিশীল অসমক প্ৰতিনিধিত্ব কৰিব। বিশ্ববিদ্যালয়খন স্থাপনৰ স্থান তোলাগুৰি চাহ বাগিচাই এক মহান ঐতিহ্য বহন কৰে বুলি ভাষণত উল্লেখ কৰি মুখ্যমন্ত্ৰীয়ে কয় যে কলকৌবৰ জ্যোতিপ্ৰসাদ আগৰৱালাই বনলতা চলচ্চিত্ৰ নিৰ্মাণ কৰিছিল। ইতিমধ্যে পাঁচ হাজাৰ আসনযুক্ত প্ৰেক্ষাগৃহটো পূব ভাৰতৰ অন্যতম বৃহৎ প্ৰেক্ষাগৃহ হিচাপে পৰিগণিত হʼব। অহা জানুৱাৰী মাহৰ ভিতৰত উক্ত প্ৰকল্পটো সম্পূৰ্ণ হোৱাৰ সম্ভাৱনা আছে।

কনককতা বৰুৱা ৰাজিক বিশ্ববিদ্যালয়ত আজি ভূমি পূজনেৰে শিলান্যাস কৰে কেন্দ্ৰীয় শিক্ষা মন্ত্ৰীয়ে। অসম বিধানসভাত আইন পাবিত কৰাৰ উপৰি উচ্চ শিক্ষাৰ প্ৰতিষ্ঠানসমূহৰ শৈক্ষিক কাঠামো নিৰ্ধাৰণ কৰাৰ অৰ্থে আই আই টি গুৱাহাটীৰ অধ্যাপক ড° ৰমেশৰ আয়াৰকে ধৰি কেইবাগৰাকীও শিক্ষাবিদক লৈ এখন শক্তিশালী সমিতিও ৰাজ্য চৰকাৰে গঠন কৰিছে। কৃত্ৰিম বুদ্ধিমত্তা আৰু মেচিন লাৰ্নিং, কোৱাণ্টাম কম্পিউটিং আদিৰ দৰে চতুৰ্থ ঔদ্যোগিক বিপ্লৱৰ বাবে প্ৰয়োজনীয় শিক্ষা যাতে এই বিশ্ববিদ্যালয়খনে প্ৰদান কৰিব পাৰে তাকবাবে ব্যৱস্থা গ্ৰহণ কৰা হৈছে বুলিও তেওঁ কয়। স্থাপনৰ পাছত আৰু এটা প্ৰতিশ্ৰুতিও পূৰণৰ দিশত আগবাঢ়িছে। ড° শৰ্মাই কয়, 'মোৰ কাৰণে নিৰ্বাচন ৰাজনীতিৰ অস্ত্ৰ নহয়, মোৰ কাৰণে নিৰ্বাচন হৈছে এটা তীৰ্থযাত্ৰাহে, যাৰ অন্তিমত সংকল্পবোধ পৰৱৰ্তী পাঁচ বছৰত কাৰ্যত কৰিব পাৰোঁ।' কনকলতা বিশ্ববিদ্যালয়ে আমাৰ আত্মবিশ্বাসৰ লগতে নতুন অসম আৰু প্ৰগতিশীল অসমক প্ৰতিনিধিত্ব কৰিব। বিশ্ববিদ্যালয়খন স্থাপনৰ স্থান তোলাগুৰি চাহ বাগিচাই এক মহান ঐতিহ্য বহন কৰে বুলি ভাষণত উল্লেখ কৰি মুখ্যমন্ত্ৰীয়ে কয় যে কলকৌবৰ জ্যোতিপ্ৰসাদ আগৰৱালাই বনলতা চলচ্চিত্ৰ নিৰ্মাণ কৰিছিল। ইতিমধ্যে পাঁচ হাজাৰ আসনযুক্ত প্ৰেক্ষাগৃহটো পূব ভাৰতৰ অন্যতম বৃহৎ প্ৰেক্ষাগৃহ হিচাপে পৰিগণিত হʼব। অহা জানুৱাৰী মাহৰ ভিতৰত উক্ত প্ৰকল্পটো সম্পূৰ্ণ হোৱাৰ সম্ভাৱনা আছে।

কনককতা বৰুৱা ৰাজিক বিশ্ববিদ্যালয়ত আজি ভূমি পূজনেৰে শিলান্যাস কৰে কেন্দ্ৰীয় শিক্ষা মন্ত্ৰীয়ে। অসম বিধানসভাত আইন পাবিত কৰাৰ উপৰি উচ্চ শিক্ষাৰ প্ৰতিষ্ঠানসমূহৰ শৈক্ষিক কাঠামো নিৰ্ধাৰণ কৰাৰ অৰ্থে আই আই টি গুৱাহাটীৰ অধ্যাপক ড° ৰমেশৰ আয়াৰকে ধৰি কেইবাগৰাকীও শিক্ষাবিদক লৈ এখন শক্তিশালী সমিতিও ৰাজ্য চৰকাৰে গঠন কৰিছে। কৃত্ৰিম বুদ্ধিমত্তা আৰু মেচিন লাৰ্নিং, কোৱাণ্টাম কম্পিউটিং আদিৰ দৰে চতুৰ্থ ঔদ্যোগিক বিপ্লৱৰ বাবে প্ৰয়োজনীয় শিক্ষা যাতে এই বিশ্ববিদ্যালয়খনে প্ৰদান কৰিব পাৰে তাকবাবে ব্যৱস্থা গ্ৰহণ কৰা হৈছে বুলিও তেওঁ কয়। স্থাপনৰ পাছত আৰু এটা প্ৰতিশ্ৰুতিও পূৰণৰ দিশত আগবাঢ়িছে। ড° শৰ্মাই কয়, 'মোৰ কাৰণে নিৰ্বাচন ৰাজনীতিৰ অস্ত্ৰ নহয়, মোৰ কাৰণে নিৰ্বাচন হৈছে এটা তীৰ্থযাত্ৰাহে, যাৰ অন্তিমত সংকল্পবোধ পৰৱৰ্তী পাঁচ বছৰত কাৰ্যত কৰিব পাৰোঁ।' কনকলতা বিশ্ববিদ্যালয়ে আমাৰ আত্মবিশ্বাসৰ লগতে নতুন অসম আৰু প্ৰগতিশীল অসমক প্ৰতিনিধিত্ব কৰিব। বিশ্ববিদ্যালয়খন স্থাপনৰ স্থান তোলাগুৰি চাহ বাগিচাই এক মহান ঐতিহ্য বহন কৰে বুলি ভাষণত উল্লেখ কৰি মুখ্যমন্ত্ৰীয়ে কয় যে কলকৌবৰ জ্যোতিপ্ৰসাদ আগৰৱালাই বনলতা চলচ্চিত্ৰ নিৰ্মাণ কৰিছিল। ইতিমধ্যে পাঁচ হাজাৰ আসনযুক্ত প্ৰেক্ষাগৃহটো পূব ভাৰতৰ অন্যতম বৃহৎ প্ৰেক্ষাগৃহ হিচাপে পৰিগণিত হʼব। অহা জানুৱাৰী মাহৰ ভিতৰত উক্ত প্ৰকল্পটো সম্পূৰ্ণ হোৱাৰ সম্ভাৱনা আছে।

কনককতা বৰুৱা ৰাজিক বিশ্ববিদ্যালয়ত আজি ভূমি পূজনেৰে শিলান্যাস কৰে কেন্দ্ৰীয় শিক্ষা মন্ত্ৰীয়ে। অসম বিধানসভাত আইন পাবিত কৰাৰ উপৰি উচ্চ শিক্ষাৰ প্ৰতিষ্ঠানসমূহৰ শৈক্ষিক কাঠামো নিৰ্ধাৰণ কৰাৰ অৰ্থে আই আই টি গুৱাহাটীৰ অধ্যাপক ড° ৰমেশৰ আয়াৰকে ধৰি কেইবাগৰাকীও শিক্ষাবিদক লৈ এখন শক্তিশালী সমিতিও ৰাজ্য চৰকাৰে গঠন কৰিছে। কৃত্ৰিম বুদ্ধিমত্তা আৰু মেচিন লাৰ্নিং, কোৱাণ্টাম কম্পিউটিং আদিৰ দৰে চতুৰ্থ ঔদ্যোগিক বিপ্লৱৰ বাবে প্ৰয়োজনীয় শিক্ষা যাতে এই বিশ্ববিদ্যালয়খনে প্ৰদান কৰিব পাৰে তাকবাবে ব্যৱস্থা গ্ৰহণ কৰা হৈছে বুলিও তেওঁ কয়। স্থাপনৰ পাছত আৰু এটা প্ৰতিশ্ৰুতিও পূৰণৰ দিশত আগবাঢ়িছে। ড° শৰ্মাই কয়, 'মোৰ কাৰণে নিৰ্বাচন ৰাজনীতিৰ অস্ত্ৰ নহয়, মোৰ কাৰণে নিৰ্বাচন হৈছে এটা তীৰ্থযাত্ৰাহে, যাৰ অন্তিমত সংকল্পবোধ পৰৱৰ্তী পাঁচ বছৰত কাৰ্যত কৰিব পাৰোঁ।' কনকলতা বিশ্ববিদ্যালয়ে আমাৰ আত্মবিশ্বাসৰ লগতে নতুন অসম আৰু প্ৰগতিশীল অসমক প্ৰতিনিধিত্ব কৰিব। বিশ্ববিদ্যালয়খন স্থাপনৰ স্থান তোলাগুৰি চাহ বাগিচাই এক মহান ঐতিহ্য বহন কৰে বুলি ভাষণত উল্লেখ কৰি মুখ্যমন্ত্ৰীয়ে কয় যে কলকৌবৰ জ্যোতিপ্ৰসাদ আগৰৱালাই বনলতা চলচ্চিত্ৰ নিৰ্মাণ কৰিছিল। ইতিমধ্যে পাঁচ হাজাৰ আসনযুক্ত প্ৰেক্ষাগৃহটো পূব ভাৰতৰ অন্যতম বৃহৎ প্ৰেক্ষাগৃহ হিচাপে পৰিগণিত হʼব। অহা জানুৱাৰী মাহৰ ভিতৰত উক্ত প্ৰকল্পটো সম্পূৰ্ণ হোৱাৰ সম্ভাৱনা আছে।

জলপ্ৰপাতত পৰি সন্ধানহীন শিলচৰ...

নামৰ এটা জলপ্ৰপাতৰ নৈসৰ্গিক সৌন্দৰ্য উপভোগ কৰিবলৈ যোৱা শিলচৰ এন আইটিৰ তিনিগৰাকী ছাত্ৰী আৰু এজন ছাত্ৰ জলপ্ৰপাতৰ ওপৰৰ পৰা তললৈ খহি পৰে। তিনিগৰাকীক উদ্ধাৰ কৰা হʼলেও এজন সন্ধানহীন হৈ আছে। স্থানীয় লোকৰ মতে, জলপ্ৰপাতটোৰ গভীৰতা বেছি হোৱাৰ বাবে আৰু তলত থকা বৃহৎ পাথৰৰ বাবে তেওঁলোকক জীৱিতে উদ্ধাৰ কৰাত স্থানীয় লোকে সহায় কৰে। উদ্ধাৰ অভিযান অব্যাহত আছে।

নামৰ এটা জলপ্ৰপাতৰ নৈসৰ্গিক সৌন্দৰ্য উপভোগ কৰিবলৈ যোৱা শিলচৰ এন আইটিৰ তিনিগৰাকী ছাত্ৰী আৰু এজন ছাত্ৰ জলপ্ৰপাতৰ ওপৰৰ পৰা তললৈ খহি পৰে। তিনিগৰাকীক উদ্ধাৰ কৰা হʼলেও এজন সন্ধানহীন হৈ আছে। স্থানীয় লোকৰ মতে, জলপ্ৰপাতটোৰ গভীৰতা বেছি হোৱাৰ বাবে আৰু তলত থকা বৃহৎ পাথৰৰ বাবে তেওঁলোকক জীৱিতে উদ্ধাৰ কৰাত স্থানীয় লোকে সহায় কৰে। উদ্ধাৰ অভিযান অব্যাহত আছে।

হালিমন নেছা একাডেমি (ছিনিয়ৰ ছেকেণ্ডাৰী স্কুল) স্থাপিত ঃ ২০০০ ইং
হালিমন নেছা একাডেমিৰ নৱাগত আদৰণী সভাত বিশিষ্ট সাংবাদিক প্ৰশান্ত ৰাজগুৰু
মিঞা মুছলমানসকল
অসমীয়া সমাজৰ অংগ

নৰবাৰী ঃ নিজা বাতৰি দিওঁতা, ৮ নৱেম্বৰ ঃ বৰপেটা জিলাৰ চেঙা সমষ্টিৰ অন্তৰ্গত কাজুমাৰাৰ হালিমন নেছা ছিনিয়ৰ ছেকেণ্ডাৰী স্কুলৰ ষষ্ঠ বিংশতিতম বাৰ্ষিক অধিবেশন আৰু নৱাগত আদৰণী সভাৰ কালি সামৰণি পৰে। নৱাগত আদৰণী সভাৰ মুকলি সভাত ৰাজ্যৰ জ্যেষ্ঠ সাংবাদিক প্ৰশান্ত ৰাজগুৰু উপস্থিত থাকি ভাষণ দিয়ে। কাজুমাৰা গাঁও পঞ্চায়তৰ সভাপতি এম মহবুল হকে সভাপতিত্ব কৰা মুকলি সভাত মুখ্য অতিথি হিচাপে উপস্থিত থাকি বিশিষ্ট সাংবাদিক প্ৰশান্ত ৰাজগুৰুৱে কয়, 'আজিৰ পৰা বিশ বছৰ পূৰ্বে অসমৰ মুছলমান বসতি প্ৰধান অঞ্চলসমূহত শিক্ষাৰ হাৰ কম আছিল।'

নৰবাৰী ঃ নিজা বাতৰি দিওঁতা, ৮ নৱেম্বৰ ঃ বৰপেটা জিলাৰ চেঙা সমষ্টিৰ অন্তৰ্গত কাজুমাৰাৰ হালিমন নেছা ছিনিয়ৰ ছেকেণ্ডাৰী স্কুলৰ ষষ্ঠ বিংশতিতম বাৰ্ষিক অধিবেশন আৰু নৱাগত আদৰণী সভাৰ কালি সামৰণি পৰে। নৱাগত আদৰণী সভাৰ মুকলি সভাত ৰাজ্যৰ জ্যেষ্ঠ সাংবাদিক প্ৰশান্ত ৰাজগুৰু উপস্থিত থাকি ভাষণ দিয়ে। কাজুমাৰা গাঁও পঞ্চায়তৰ সভাপতি এম মহবুল হকে সভাপতিত্ব কৰা মুকলি সভাত মুখ্য অতিথি হিচাপে উপস্থিত থাকি বিশিষ্ট সাংবাদিক প্ৰশান্ত ৰাজগুৰুৱে কয়, 'আজিৰ পৰা বিশ বছৰ পূৰ্বে অসমৰ মুছলমান বসতি প্ৰধান অঞ্চলসমূহত শিক্ষাৰ হাৰ কম আছিল।'

নৰবাৰী ঃ নিজা বাতৰি দিওঁতা, ৮ নৱেম্বৰ ঃ বৰপেটা জিলাৰ চেঙা সমষ্টিৰ অন্তৰ্গত কাজুমাৰাৰ হালিমন নেছা ছিনিয়ৰ ছেকেণ্ডাৰী স্কুলৰ ষষ্ঠ বিংশতিতম বাৰ্ষিক অধিবেশন আৰু নৱাগত আদৰণী সভাৰ কালি সামৰণি পৰে। নৱাগত আদৰণী সভাৰ মুকলি সভাত ৰাজ্যৰ জ্যেষ্ঠ সাংবাদিক প্ৰশান্ত ৰাজগুৰু উপস্থিত থাকি ভাষণ দিয়ে। কাজুমাৰা গাঁও পঞ্চায়তৰ সভাপতি এম মহবুল হকে সভাপতিত্ব কৰা মুকলি সভাত মুখ্য অতিথি হিচাপে উপস্থিত থাকি বিশিষ্ট সাংবাদিক প্ৰশান্ত ৰাজগুৰুৱে কয়, 'আজিৰ পৰা বিশ বছৰ পূৰ্বে অসমৰ মুছলমান বসতি প্ৰধান অঞ্চলসমূহত শিক্ষাৰ হাৰ কম আছিল।'

নৰবাৰী ঃ নিজা বাতৰি দিওঁতা, ৮ নৱেম্বৰ ঃ বৰপেটা জিলাৰ চেঙা সমষ্টিৰ অন্তৰ্গত কাজুমাৰাৰ হালিমন নেছা ছিনিয়ৰ ছেকেণ্ডাৰী স্কুলৰ ষষ্ঠ বিংশতিতম বাৰ্ষিক অধিবেশন আৰু নৱাগত আদৰণী সভাৰ কালি সামৰণি পৰে। নৱাগত আদৰণী সভাৰ মুকলি সভাত ৰাজ্যৰ জ্যেষ্ঠ সাংবাদিক প্ৰশান্ত ৰাজগুৰু উপস্থিত থাকি ভাষণ দিয়ে। কাজুমাৰা গাঁও পঞ্চায়তৰ সভাপতি এম মহবুল হকে সভাপতিত্ব কৰা মুকলি সভাত মুখ্য অতিথি হিচাপে উপস্থিত থাকি বিশিষ্ট সাংবাদিক প্ৰশান্ত ৰাজগুৰুৱে কয়, 'আজিৰ পৰা বিশ বছৰ পূৰ্বে অসমৰ মুছলমান বসতি প্ৰধান অঞ্চলসমূহত শিক্ষাৰ হাৰ কম আছিল।'

নৰবাৰী ঃ নিজা বাতৰি দিওঁতা, ৮ নৱেম্বৰ ঃ বৰপেটা জিলাৰ চেঙা সমষ্টিৰ অন্তৰ্গত কাজুমাৰাৰ হালিমন নেছা ছিনিয়ৰ ছেকেণ্ডাৰী স্কুলৰ ষষ্ঠ বিংশতিতম বাৰ্ষিক অধিবেশন আৰু নৱাগত আদৰণী সভাৰ কালি সামৰণি পৰে। নৱাগত আদৰণী সভাৰ মুকলি সভাত ৰাজ্যৰ জ্যেষ্ঠ সাংবাদিক প্ৰশান্ত ৰাজগুৰু উপস্থিত থাকি ভাষণ দিয়ে। কাজুমাৰা গাঁও পঞ্চায়তৰ সভাপতি এম মহবুল হকে সভাপতিত্ব কৰা মুকলি সভাত মুখ্য অতিথি হিচাপে উপস্থিত থাকি বিশিষ্ট সাংবাদিক প্ৰশান্ত ৰাজগুৰুৱে কয়, 'আজিৰ পৰা বিশ বছৰ পূৰ্বে অসমৰ মুছলমান বসতি প্ৰধান অঞ্চলসমূহত শিক্ষাৰ হাৰ কম আছিল।'

নৰবাৰী ঃ নিজা বাতৰি দিওঁতা, ৮ নৱেম্বৰ ঃ বৰপেটা জিলাৰ চেঙা সমষ্টিৰ অন্তৰ্গত কাজুমাৰাৰ হালিমন নেছা ছিনিয়ৰ ছেকেণ্ডাৰী স্কুলৰ ষষ্ঠ বিংশতিতম বাৰ্ষিক অধিবেশন আৰু নৱাগত আদৰণী সভাৰ কালি সামৰণি পৰে। নৱাগত আদৰণী সভাৰ মুকলি সভাত ৰাজ্যৰ জ্যেষ্ঠ সাংবাদিক প্ৰশান্ত ৰাজগুৰু উপস্থিত থাকি ভাষণ দিয়ে। কাজুমাৰা গাঁও পঞ্চায়তৰ সভাপতি এম মহবুল হকে সভাপতিত্ব কৰা মুকলি সভাত মুখ্য অতিথি হিচাপে উপস্থিত থাকি বিশিষ্ট সাংবাদিক প্ৰশান্ত ৰাজগুৰুৱে কয়, 'আজিৰ পৰা বিশ বছৰ পূৰ্বে অসমৰ মুছলমান বসতি প্ৰধান অঞ্চলসমূহত শিক্ষাৰ হাৰ কম আছিল।'

কামৰূপ মহানগৰ জিলা
মাধ্যমিক শিক্ষক আৰু কৰ্মচাৰী সন্থা
মাধ্যমিক বিদ্যালয়ৰ
দৰমহা গাঁথনি একত্ৰিত
কৰিবলৈ দাবী

গুৱাহাটী ঃ ষ্টাফ ৰিপʼৰ্টাৰ, ৮ নৱেম্বৰ ঃ কামৰূপ মহানগৰ জিলা মাধ্যমিক শিক্ষক আৰু কৰ্মচাৰী সন্থাৰ গঠিত কাৰ্যনিৰ্বাহক সভা আজি মহানগৰৰ পাণবজাৰ উচ্চতৰ মাধ্যমিক বিদ্যালয়ত অনুষ্ঠিত হয়। এক প্ৰেছ বিজ্ঞপ্তিৰ জৰিয়তে সন্থাৰ সভাপতি উৰ্মিমালা বৃৰুজকৰকা আৰু সম্পাদক মনোজ কুমাৰ দাহকৰে জনিয়াইছে যে এই সভাত বিভিন্ন বিদ্যালয়ৰ শিক্ষক-শিক্ষয়িত্ৰীসকলে কেন্দ্ৰীয় চৰকাৰৰ অধীনৰ মাধ্যমিক বিদ্যালয়ৰ শিক্ষকৰ দৰমহাৰ গাঁথনিৰ তুলনাত ৰাজ্য চৰকাৰৰ অধীনৰ শিক্ষকৰ দৰমহা গাঁথনি বহু বিসংগতি বুলি উল্লেখ কৰে। শিক্ষাৰ লগত জড়িত সকলো নীতি-নিয়ম (শিক্ষা দান পদ্ধতি, পাঠ্যক্ৰম) একে হʼলেও দৰমহাৰ ক্ষেত্ৰত পাৰ্থক্য আছে।

গুৱাহাটী ঃ ষ্টাফ ৰিপʼৰ্টাৰ, ৮ নৱেম্বৰ ঃ কামৰূপ মহানগৰ জিলা মাধ্যমিক শিক্ষক আৰু কৰ্মচাৰী সন্থাৰ গঠিত কাৰ্যনিৰ্বাহক সভা আজি মহানগৰৰ পাণবজাৰ উচ্চতৰ মাধ্যমিক বিদ্যালয়ত অনুষ্ঠিত হয়। এক প্ৰেছ বিজ্ঞপ্তিৰ জৰিয়তে সন্থাৰ সভাপতি উৰ্মিমালা বৃৰুজকৰকা আৰু সম্পাদক মনোজ কুমাৰ দাহকৰে জনিয়াইছে যে এই সভাত বিভিন্ন বিদ্যালয়ৰ শিক্ষক-শিক্ষয়িত্ৰীসকলে কেন্দ্ৰীয় চৰকাৰৰ অধীনৰ মাধ্যমিক বিদ্যালয়ৰ শিক্ষকৰ দৰমহাৰ গাঁথনিৰ তুলনাত ৰাজ্য চৰকাৰৰ অধীনৰ শিক্ষকৰ দৰমহা গাঁথনি বহু বিসংগতি বুলি উল্লেখ কৰে। শিক্ষাৰ লগত জড়িত সকলো নীতি-নিয়ম (শিক্ষা দান পদ্ধতি, পাঠ্যক্ৰম) একে হʼলেও দৰমহাৰ ক্ষেত্ৰত পাৰ্থক্য আছে।
